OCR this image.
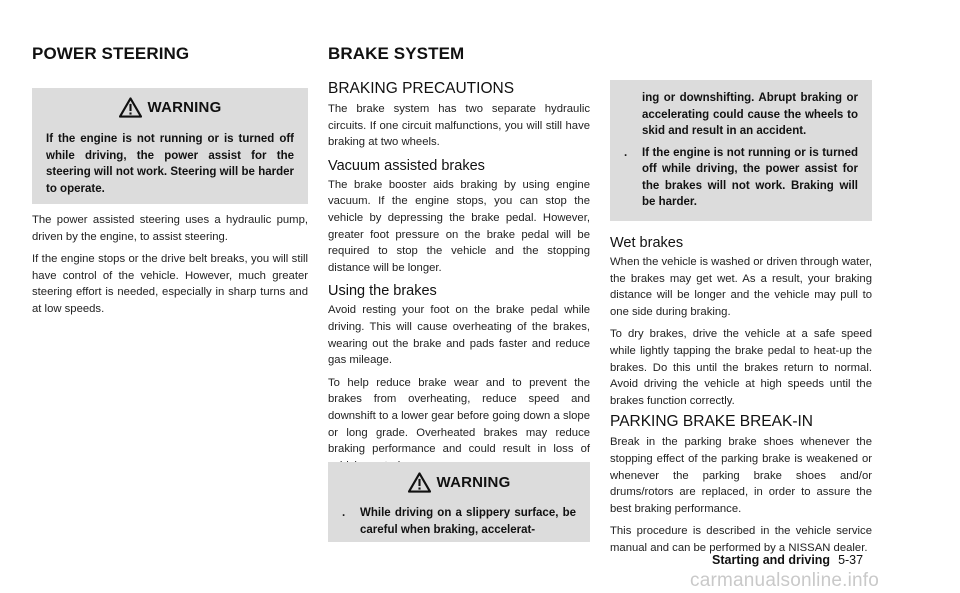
POWER STEERING	BRAKE SYSTEM
WARNING

If the engine is not running or is turned off while driving, the power assist for the steering will not work. Steering will be harder to operate.

The power assisted steering uses a hydraulic pump, driven by the engine, to assist steering.

If the engine stops or the drive belt breaks, you will still have control of the vehicle. However, much greater steering effort is needed, especially in sharp turns and at low speeds.

BRAKING PRECAUTIONS

The brake system has two separate hydraulic circuits. If one circuit malfunctions, you will still have braking at two wheels.

Vacuum assisted brakes

The brake booster aids braking by using engine vacuum. If the engine stops, you can stop the vehicle by depressing the brake pedal. However, greater foot pressure on the brake pedal will be required to stop the vehicle and the stopping distance will be longer.

Using the brakes

Avoid resting your foot on the brake pedal while driving. This will cause overheating of the brakes, wearing out the brake and pads faster and reduce gas mileage.

To help reduce brake wear and to prevent the brakes from overheating, reduce speed and downshift to a lower gear before going down a slope or long grade. Overheated brakes may reduce braking performance and could result in loss of

WARNING
.	While driving on a slippery surface, be careful when braking, accelerat-
ing or downshifting. Abrupt braking or accelerating could cause the wheels to skid and result in an accident.
.	If the engine is not running or is turned off while driving, the power assist for the brakes will not work. Braking will be harder.
Wet brakes

When the vehicle is washed or driven through water, the brakes may get wet. As a result, your braking distance will be longer and the vehicle may pull to one side during braking.

To dry brakes, drive the vehicle at a safe speed while lightly tapping the brake pedal to heat-up the brakes. Do this until the brakes return to normal. Avoid driving the vehicle at high speeds until the brakes function correctly.

PARKING BRAKE BREAK-IN

Break in the parking brake shoes whenever the stopping effect of the parking brake is weakened or whenever the parking brake shoes and/or drums/rotors are replaced, in order to assure the best braking performance.

This procedure is described in the vehicle service manual and can be performed by a NISSAN dealer.

Starting and driving 5-37
carmanualsonline.info
